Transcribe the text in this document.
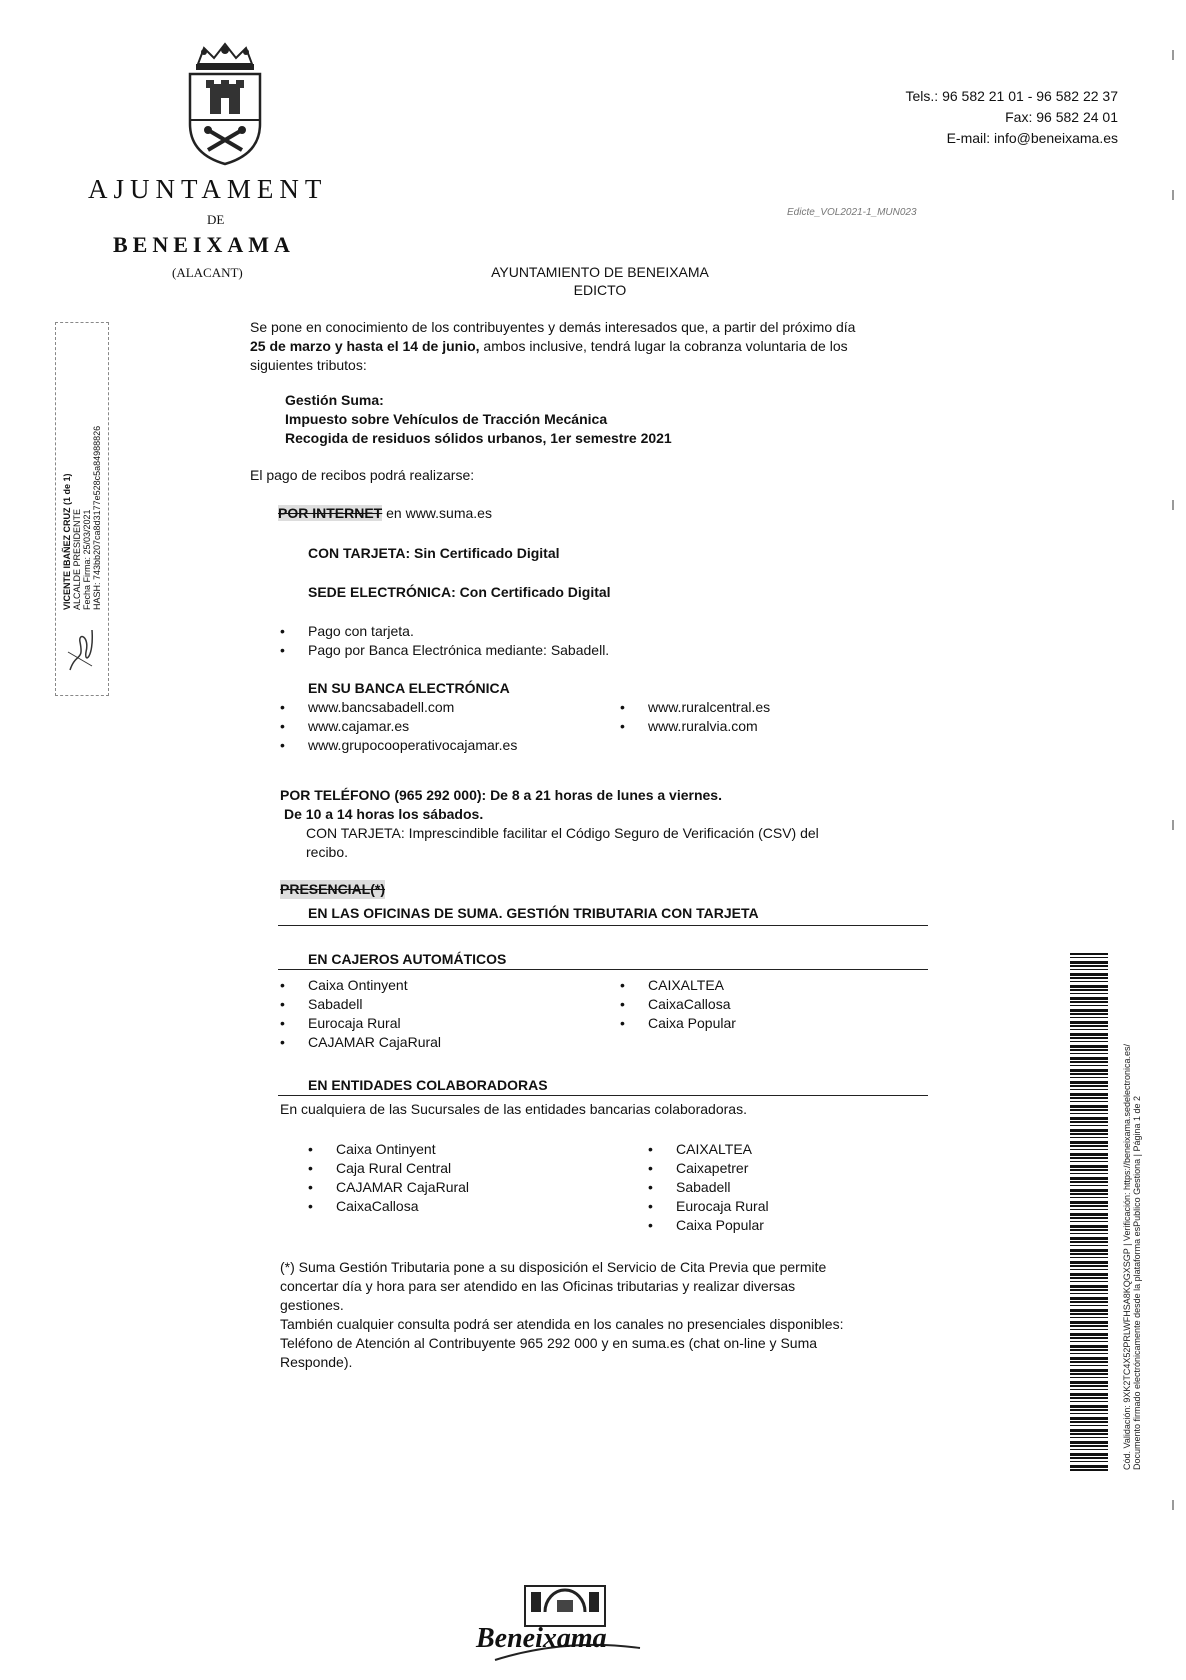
AJUNTAMENT
DE
BENEIXAMA
(ALACANT)
Tels.: 96 582 21 01 - 96 582 22 37
Fax: 96 582 24 01
E-mail: info@beneixama.es
Edicte_VOL2021-1_MUN023
AYUNTAMIENTO DE BENEIXAMA
EDICTO
Se pone en conocimiento de los contribuyentes y demás interesados que, a partir del próximo día
25 de marzo y hasta el 14 de junio, ambos inclusive, tendrá lugar la cobranza voluntaria de los
siguientes tributos:
Gestión Suma:
Impuesto sobre Vehículos de Tracción Mecánica
Recogida de residuos sólidos urbanos, 1er semestre 2021
El pago de recibos podrá realizarse:
POR INTERNET en www.suma.es
CON TARJETA: Sin Certificado Digital
SEDE ELECTRÓNICA: Con Certificado Digital
• Pago con tarjeta.
• Pago por Banca Electrónica mediante: Sabadell.
EN SU BANCA ELECTRÓNICA
• www.bancsabadell.com
• www.cajamar.es
• www.grupocooperativocajamar.es
• www.ruralcentral.es
• www.ruralvia.com
POR TELÉFONO (965 292 000): De 8 a 21 horas de lunes a viernes.
De 10 a 14 horas los sábados.
CON TARJETA: Imprescindible facilitar el Código Seguro de Verificación (CSV) del
recibo.
PRESENCIAL(*)
EN LAS OFICINAS DE SUMA. GESTIÓN TRIBUTARIA CON TARJETA
EN CAJEROS AUTOMÁTICOS
• Caixa Ontinyent
• Sabadell
• Eurocaja Rural
• CAJAMAR CajaRural
• CAIXALTEA
• CaixaCallosa
• Caixa Popular
EN ENTIDADES COLABORADORAS
En cualquiera de las Sucursales de las entidades bancarias colaboradoras.
• Caixa Ontinyent
• Caja Rural Central
• CAJAMAR CajaRural
• CaixaCallosa
• CAIXALTEA
• Caixapetrer
• Sabadell
• Eurocaja Rural
• Caixa Popular
(*) Suma Gestión Tributaria pone a su disposición el Servicio de Cita Previa que permite
concertar día y hora para ser atendido en las Oficinas tributarias y realizar diversas
gestiones.
También cualquier consulta podrá ser atendida en los canales no presenciales disponibles:
Teléfono de Atención al Contribuyente 965 292 000 y en suma.es (chat on-line y Suma
Responde).
VICENTE IBAÑEZ CRUZ (1 de 1) ALCALDE PRESIDENTE Fecha Firma: 25/03/2021 HASH: 743bb207ca8d3177e528c5a84988826
Cód. Validación: 9XK2TC4X52PRLWFHSA8KQGXSGP | Verificación: https://beneixama.sedelectronica.es/ Documento firmado electrónicamente desde la plataforma esPublico Gestiona | Página 1 de 2
Beneixama
